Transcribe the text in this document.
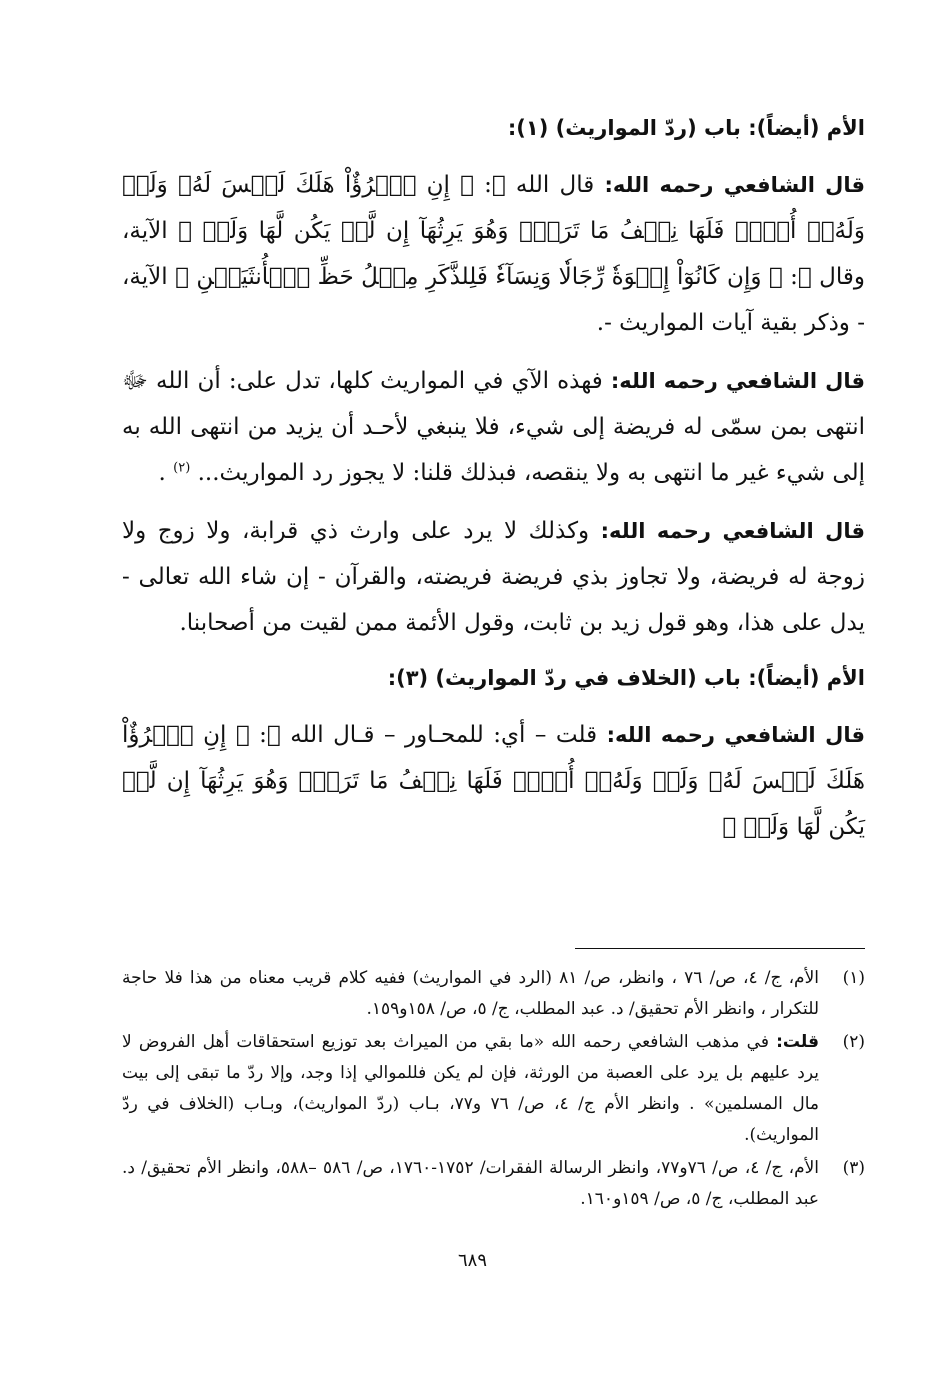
الأم (أيضاً): باب (ردّ المواريث) (١):

قال الشافعي رحمه الله: قال الله ﷻ: ﴿ إِنِ ٱمۡرُؤٌاْ هَلَكَ لَيۡسَ لَهُۥ وَلَدٞ وَلَهُۥٓ أُخۡتٞ فَلَهَا نِصۡفُ مَا تَرَكَۚ وَهُوَ يَرِثُهَآ إِن لَّمۡ يَكُن لَّهَا وَلَدٞ ﴾ الآية، وقال ﷻ: ﴿ وَإِن كَانُوٓاْ إِخۡوَةٗ رِّجَالٗا وَنِسَآءٗ فَلِلذَّكَرِ مِثۡلُ حَظِّ ٱلۡأُنثَيَيۡنِ ﴾ الآية، - وذكر بقية آيات المواريث -.

قال الشافعي رحمه الله: فهذه الآي في المواريث كلها، تدل على: أن الله ﷻ انتهى بمن سمّى له فريضة إلى شيء، فلا ينبغي لأحـد أن يزيد من انتهى الله به إلى شيء غير ما انتهى به ولا ينقصه، فبذلك قلنا: لا يجوز رد المواريث... $^{(٢)}$ .

قال الشافعي رحمه الله: وكذلك لا يرد على وارث ذي قرابة، ولا زوج ولا زوجة له فريضة، ولا تجاوز بذي فريضة فريضته، والقرآن - إن شاء الله تعالى - يدل على هذا، وهو قول زيد بن ثابت، وقول الأئمة ممن لقيت من أصحابنا.

الأم (أيضاً): باب (الخلاف في ردّ المواريث) (٣):

قال الشافعي رحمه الله: قلت – أي: للمحـاور – قـال الله ﷻ: ﴿ إِنِ ٱمۡرُؤٌاْ هَلَكَ لَيۡسَ لَهُۥ وَلَدٞ وَلَهُۥٓ أُخۡتٞ فَلَهَا نِصۡفُ مَا تَرَكَۚ وَهُوَ يَرِثُهَآ إِن لَّمۡ يَكُن لَّهَا وَلَدٞ ﴾

(١)
الأم، ج/ ٤، ص/ ٧٦ ، وانظر، ص/ ٨١ (الرد في المواريث) ففيه كلام قريب معناه من هذا فلا حاجة للتكرار ، وانظر الأم تحقيق/ د. عبد المطلب، ج/ ٥، ص/ ١٥٨و١٥٩.
(٢)
قلت: في مذهب الشافعي رحمه الله «ما بقي من الميراث بعد توزيع استحقاقات أهل الفروض لا يرد عليهم بل يرد على العصبة من الورثة، فإن لم يكن فللموالي إذا وجد، وإلا ردّ ما تبقى إلى بيت مال المسلمين» . وانظر الأم ج/ ٤، ص/ ٧٦ و٧٧، بـاب (ردّ المواريث)، وبـاب (الخلاف في ردّ المواريث).
(٣)
الأم، ج/ ٤، ص/ ٧٦و٧٧، وانظر الرسالة الفقرات/ ١٧٥٢-١٧٦٠، ص/ ٥٨٦ –٥٨٨، وانظر الأم تحقيق/ د. عبد المطلب، ج/ ٥، ص/ ١٥٩و١٦٠.
٦٨٩
